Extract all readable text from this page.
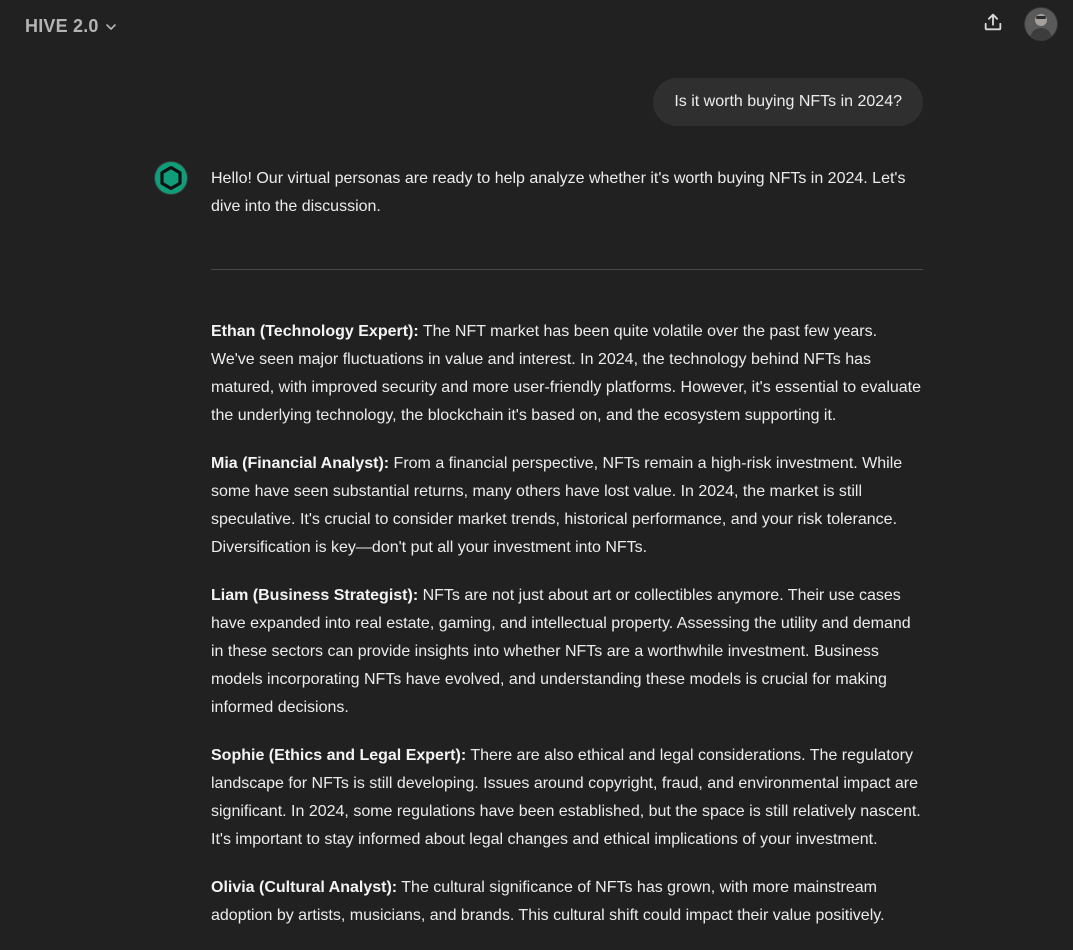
HIVE 2.0
Is it worth buying NFTs in 2024?

Hello! Our virtual personas are ready to help analyze whether it's worth buying NFTs in 2024. Let's dive into the discussion.

Ethan (Technology Expert): The NFT market has been quite volatile over the past few years. We've seen major fluctuations in value and interest. In 2024, the technology behind NFTs has matured, with improved security and more user-friendly platforms. However, it's essential to evaluate the underlying technology, the blockchain it's based on, and the ecosystem supporting it.

Mia (Financial Analyst): From a financial perspective, NFTs remain a high-risk investment. While some have seen substantial returns, many others have lost value. In 2024, the market is still speculative. It's crucial to consider market trends, historical performance, and your risk tolerance. Diversification is key—don't put all your investment into NFTs.

Liam (Business Strategist): NFTs are not just about art or collectibles anymore. Their use cases have expanded into real estate, gaming, and intellectual property. Assessing the utility and demand in these sectors can provide insights into whether NFTs are a worthwhile investment. Business models incorporating NFTs have evolved, and understanding these models is crucial for making informed decisions.

Sophie (Ethics and Legal Expert): There are also ethical and legal considerations. The regulatory landscape for NFTs is still developing. Issues around copyright, fraud, and environmental impact are significant. In 2024, some regulations have been established, but the space is still relatively nascent. It's important to stay informed about legal changes and ethical implications of your investment.

Olivia (Cultural Analyst): The cultural significance of NFTs has grown, with more mainstream adoption by artists, musicians, and brands. This cultural shift could impact their value positively.
